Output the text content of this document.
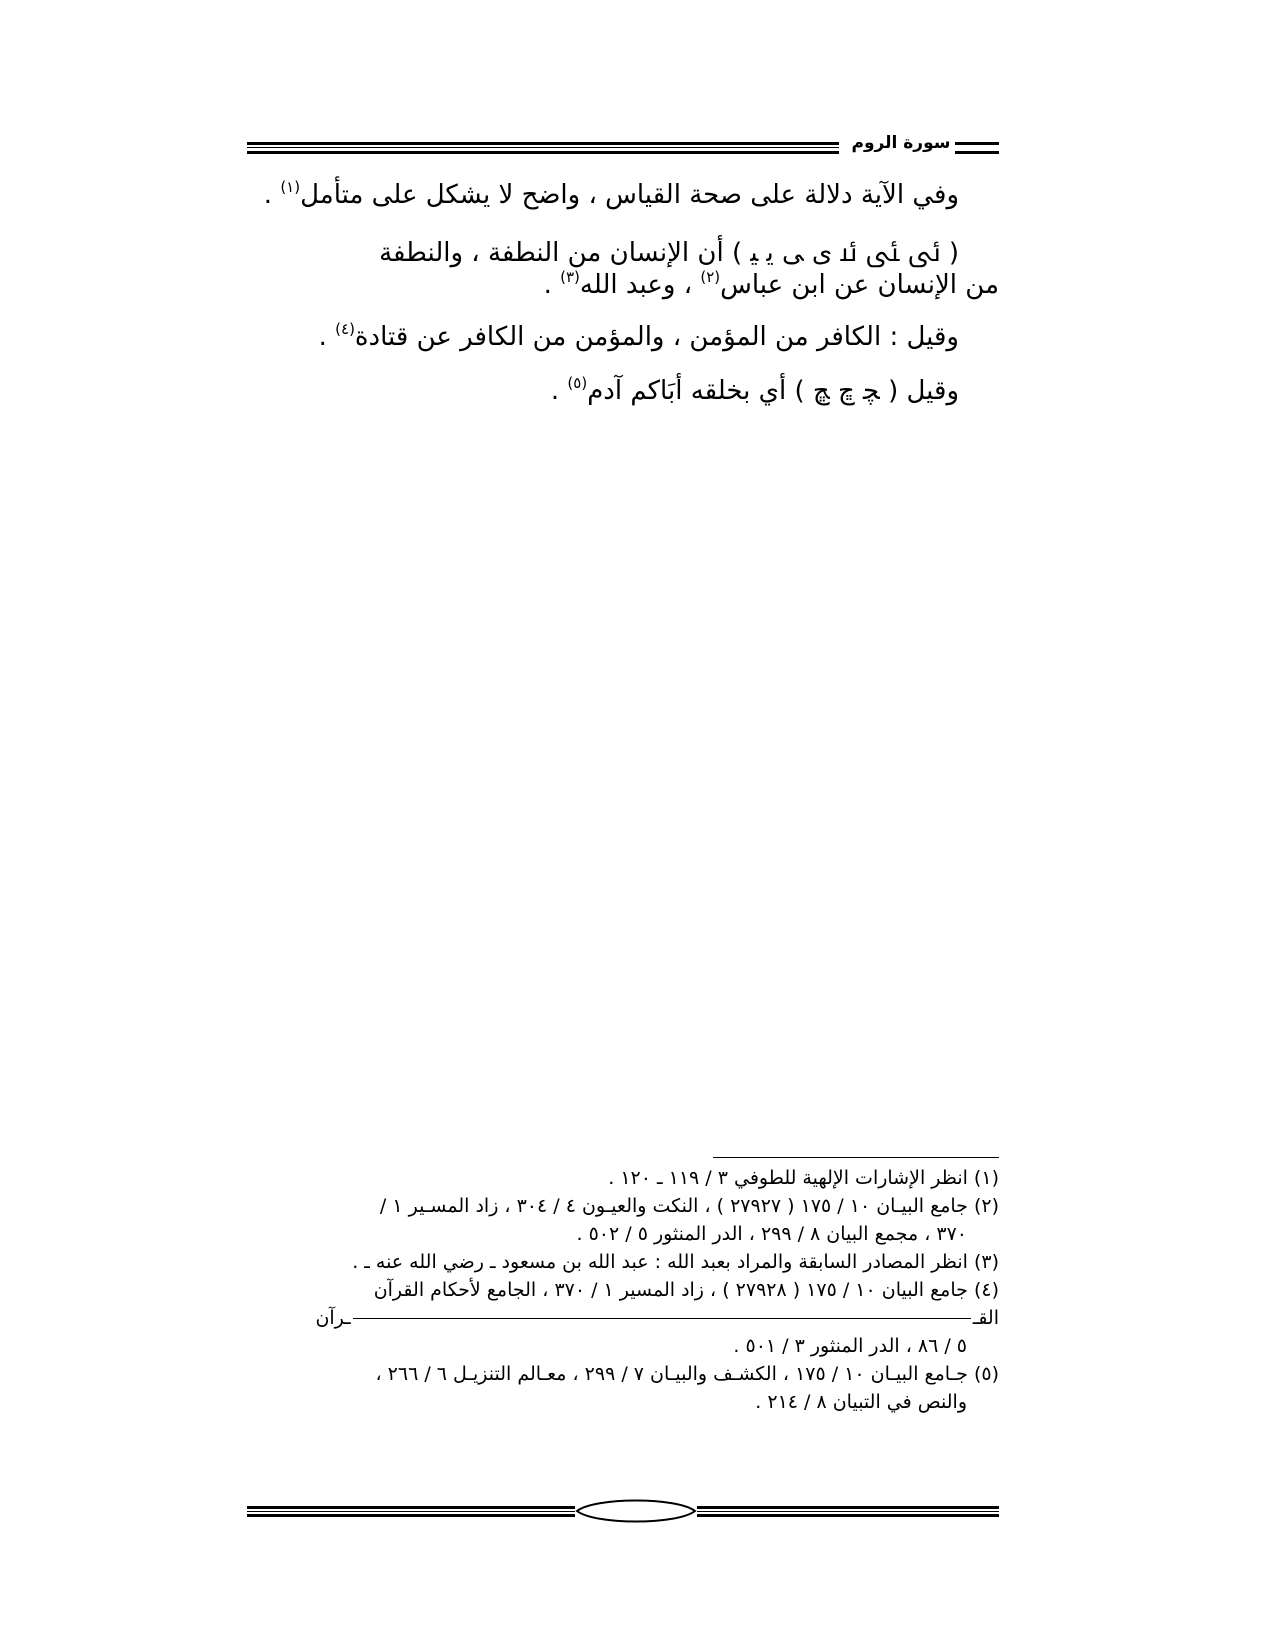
سورة الروم
وفي الآية دلالة على صحة القياس ، واضح لا يشكل على متأمل$^{(١)}$ .
( ﯹ ﯺ ﯻ ﯼ ﯽ ﯾ ﯿ ) أن الإنسان من النطفة ، والنطفة
من الإنسان عن ابن عباس$^{(٢)}$ ، وعبد الله$^{(٣)}$ .
وقيل : الكافر من المؤمن ، والمؤمن من الكافر عن قتادة$^{(٤)}$ .
وقيل ( ﭽ ﭾ ﭿ ) أي بخلقه أبَاكم آدم$^{(٥)}$ .
(١) انظر الإشارات الإلهية للطوفي ٣ / ١١٩ ـ ١٢٠ .
(٢) جامع البيـان ١٠ / ١٧٥ ( ٢٧٩٢٧ ) ، النكت والعيـون ٤ / ٣٠٤ ، زاد المسـير ١ /
٣٧٠ ، مجمع البيان ٨ / ٢٩٩ ، الدر المنثور ٥ / ٥٠٢ .
(٣) انظر المصادر السابقة والمراد بعبد الله : عبد الله بن مسعود ـ رضي الله عنه ـ .
(٤) جامع البيان ١٠ / ١٧٥ ( ٢٧٩٢٨ ) ، زاد المسير ١ / ٣٧٠ ، الجامع لأحكام القرآن
القــرآن
٥ / ٨٦ ، الدر المنثور ٣ / ٥٠١ .
(٥) جـامع البيـان ١٠ / ١٧٥ ، الكشـف والبيـان ٧ / ٢٩٩ ، معـالم التنزيـل ٦ / ٢٦٦ ،
والنص في التبيان ٨ / ٢١٤ .
